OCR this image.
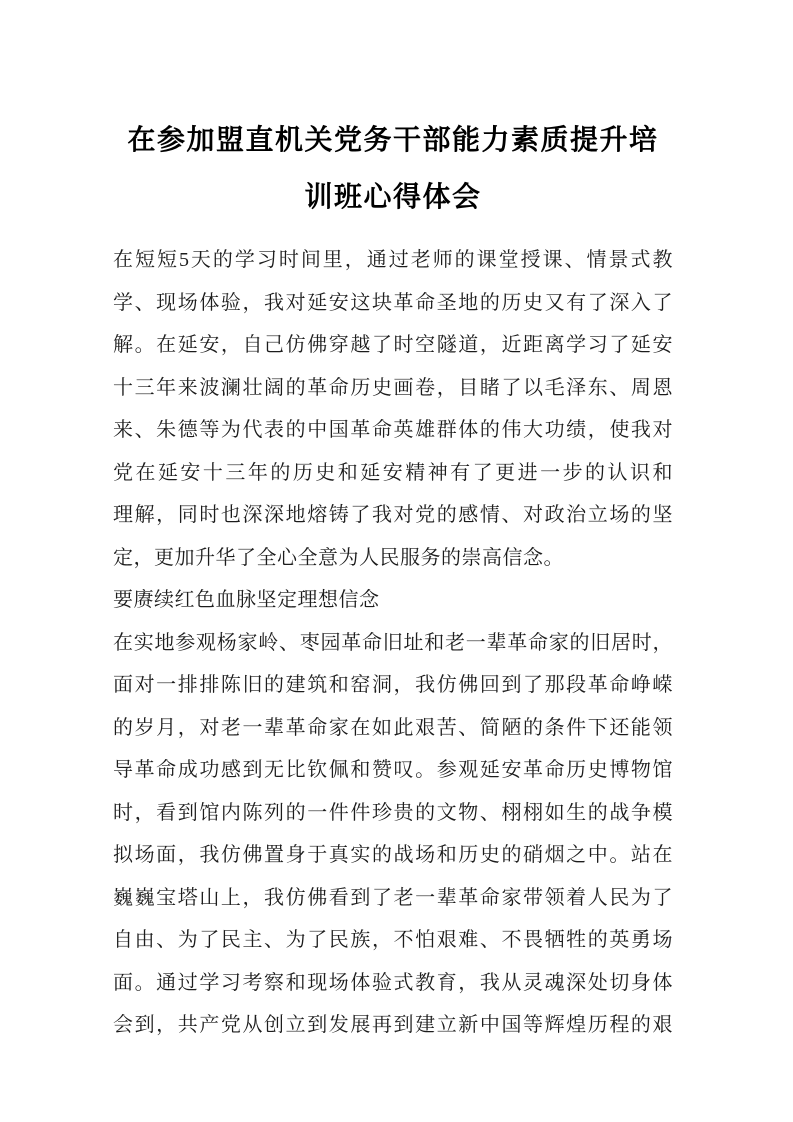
在参加盟直机关党务干部能力素质提升培
训班心得体会
在短短5天的学习时间里，通过老师的课堂授课、情景式教
学、现场体验，我对延安这块革命圣地的历史又有了深入了
解。在延安，自己仿佛穿越了时空隧道，近距离学习了延安
十三年来波澜壮阔的革命历史画卷，目睹了以毛泽东、周恩
来、朱德等为代表的中国革命英雄群体的伟大功绩，使我对
党在延安十三年的历史和延安精神有了更进一步的认识和
理解，同时也深深地熔铸了我对党的感情、对政治立场的坚
定，更加升华了全心全意为人民服务的崇高信念。
要赓续红色血脉坚定理想信念
在实地参观杨家岭、枣园革命旧址和老一辈革命家的旧居时，
面对一排排陈旧的建筑和窑洞，我仿佛回到了那段革命峥嵘
的岁月，对老一辈革命家在如此艰苦、简陋的条件下还能领
导革命成功感到无比钦佩和赞叹。参观延安革命历史博物馆
时，看到馆内陈列的一件件珍贵的文物、栩栩如生的战争模
拟场面，我仿佛置身于真实的战场和历史的硝烟之中。站在
巍巍宝塔山上，我仿佛看到了老一辈革命家带领着人民为了
自由、为了民主、为了民族，不怕艰难、不畏牺牲的英勇场
面。通过学习考察和现场体验式教育，我从灵魂深处切身体
会到，共产党从创立到发展再到建立新中国等辉煌历程的艰
